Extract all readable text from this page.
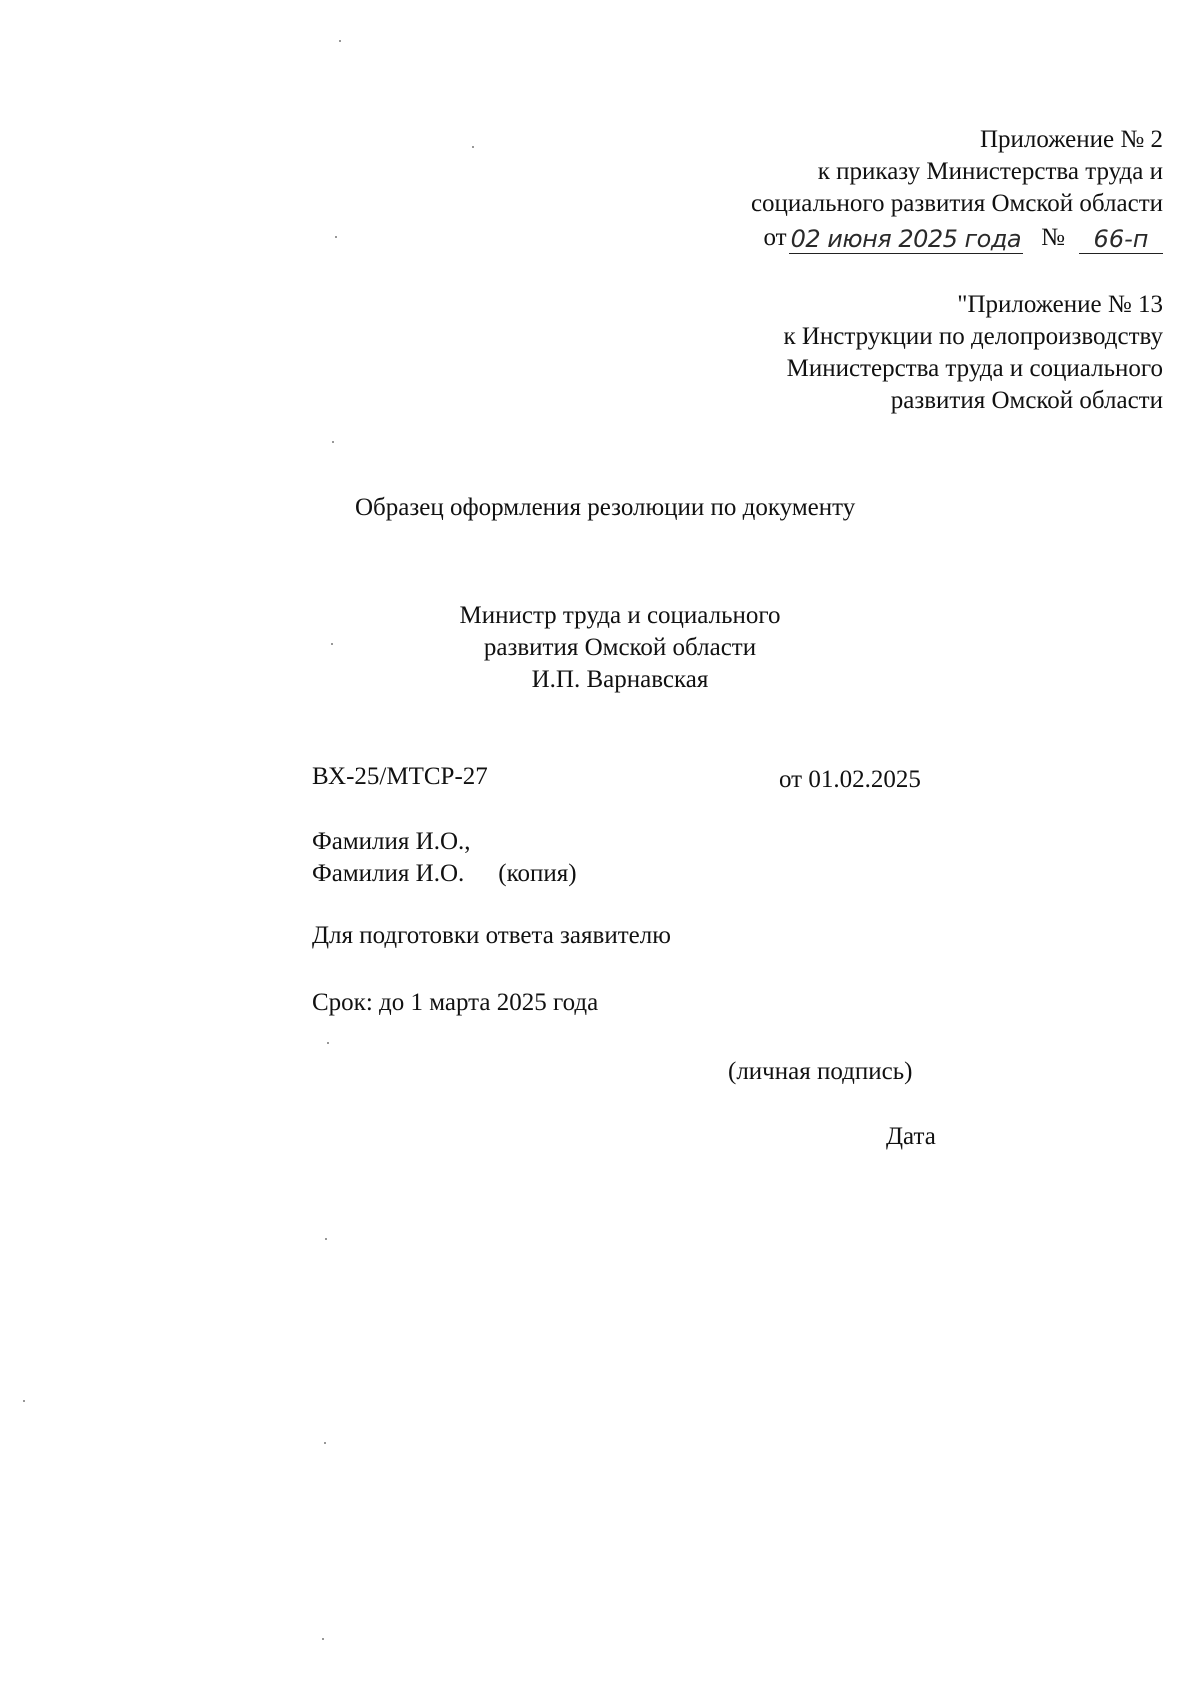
Приложение № 2
к приказу Министерства труда и
социального развития Омской области
от 02 июня 2025 года №	66-п
"Приложение № 13
к Инструкции по делопроизводству
Министерства труда и социального
развития Омской области
Образец оформления резолюции по документу
Министр труда и социального
развития Омской области
И.П. Варнавская
ВХ-25/МТСР-27	от 01.02.2025
Фамилия И.О.,
Фамилия И.О. (копия)
Для подготовки ответа заявителю
Срок: до 1 марта 2025 года
(личная подпись)
Дата
